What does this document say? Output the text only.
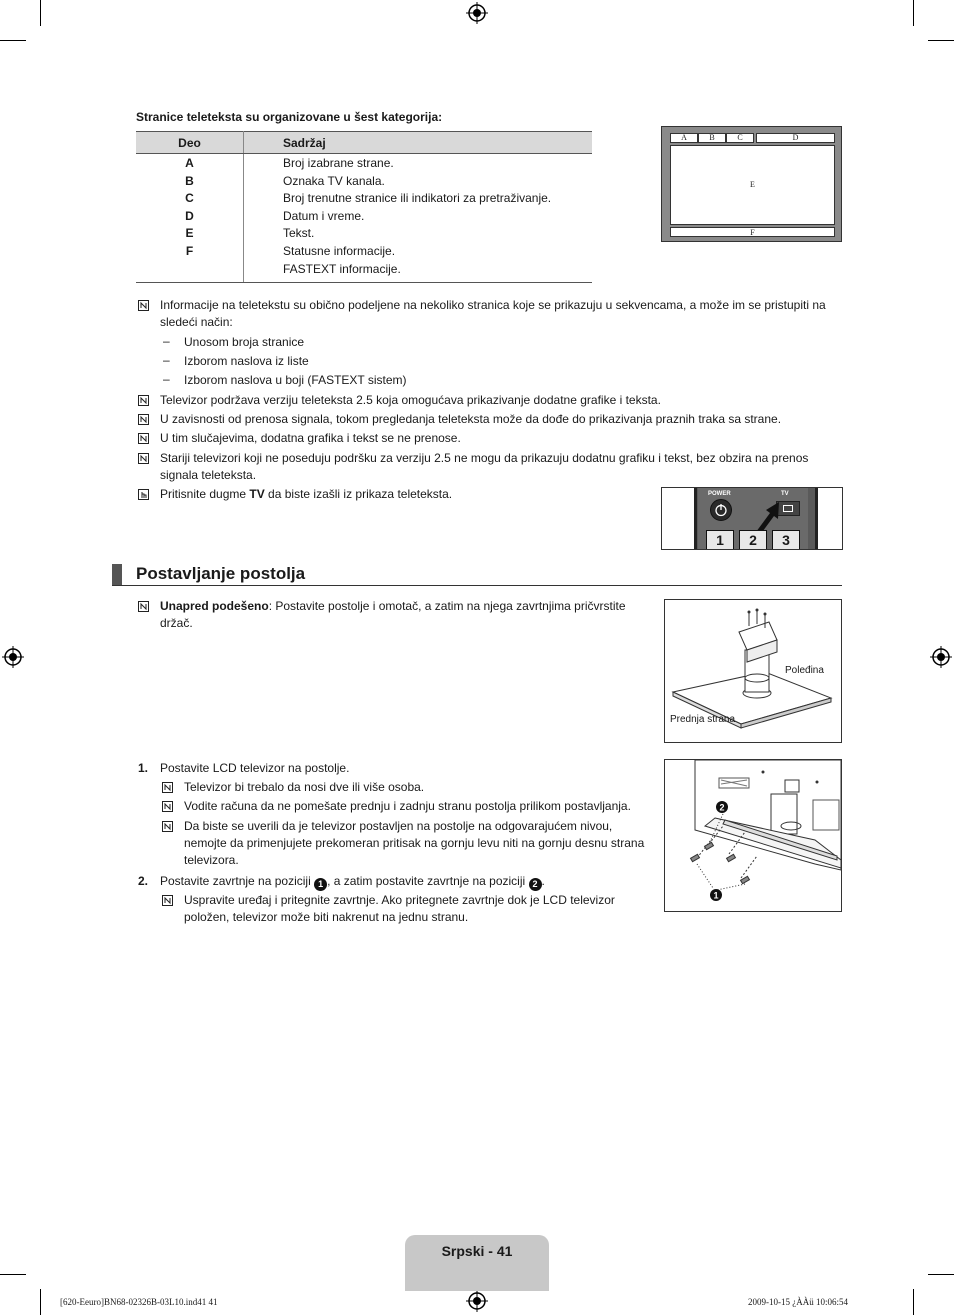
Stranice teleteksta su organizovane u šest kategorija:
Deo	Sadržaj
A	Broj izabrane strane.
B	Oznaka TV kanala.
C	Broj trenutne stranice ili indikatori za pretraživanje.
D	Datum i vreme.
E	Tekst.
F	Statusne informacije.
	FASTEXT informacije.
A	B	C	D
E
F
Informacije na teletekstu su obično podeljene na nekoliko stranica koje se prikazuju u sekvencama, a može im se pristupiti na
sledeći način:
– Unosom broja stranice
– Izborom naslova iz liste
– Izborom naslova u boji (FASTEXT sistem)
Televizor podržava verziju teleteksta 2.5 koja omogućava prikazivanje dodatne grafike i teksta.
U zavisnosti od prenosa signala, tokom pregledanja teleteksta može da dođe do prikazivanja praznih traka sa strane.
U tim slučajevima, dodatna grafika i tekst se ne prenose.
Stariji televizori koji ne poseduju podršku za verziju 2.5 ne mogu da prikazuju dodatnu grafiku i tekst, bez obzira na prenos
signala teleteksta.
Pritisnite dugme TV da biste izašli iz prikaza teleteksta.	POWER	TV
1	2	3
Postavljanje postolja
Unapred podešeno: Postavite postolje i omotač, a zatim na njega zavrtnjima pričvrstite
držač.
Poleđina
Prednja strana
1. Postavite LCD televizor na postolje.
Televizor bi trebalo da nosi dve ili više osoba.
Vodite računa da ne pomešate prednju i zadnju stranu postolja prilikom postavljanja.
Da biste se uverili da je televizor postavljen na postolje na odgovarajućem nivou,
nemojte da primenjujete prekomeran pritisak na gornju levu niti na gornju desnu strana
televizora.
2. Postavite zavrtnje na poziciji 1 , a zatim postavite zavrtnje na poziciji 2 .
Uspravite uređaj i pritegnite zavrtnje. Ako pritegnete zavrtnje dok je LCD televizor
položen, televizor može biti nakrenut na jednu stranu.
2
1
Srpski - 41
[620-Eeuro]BN68-02326B-03L10.ind41 41	2009-10-15 ¿ÀÀü 10:06:54
